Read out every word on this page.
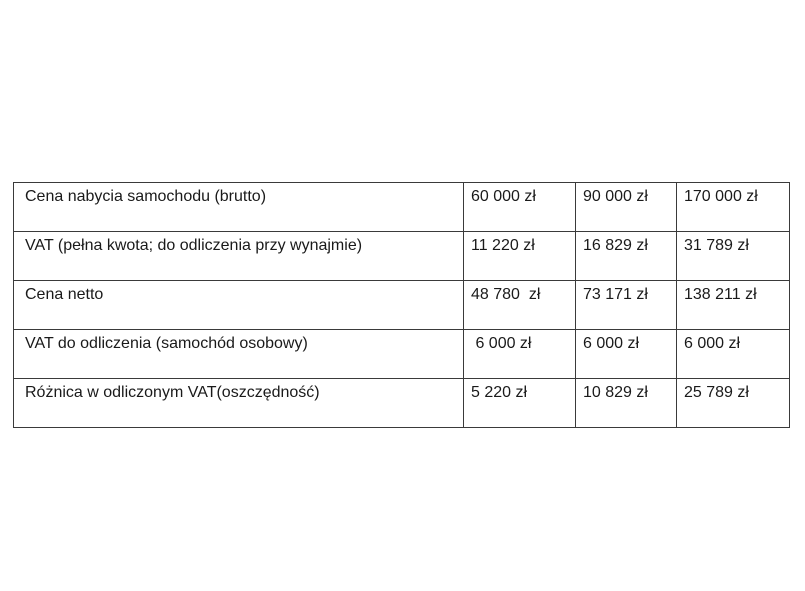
Cena nabycia samochodu (brutto)	60 000 zł	90 000 zł	170 000 zł
VAT (pełna kwota; do odliczenia przy wynajmie)	11 220 zł	16 829 zł	31 789 zł
Cena netto	48 780  zł	73 171 zł	138 211 zł
VAT do odliczenia (samochód osobowy)	6 000 zł	6 000 zł	6 000 zł
Różnica w odliczonym VAT(oszczędność)	5 220 zł	10 829 zł	25 789 zł
